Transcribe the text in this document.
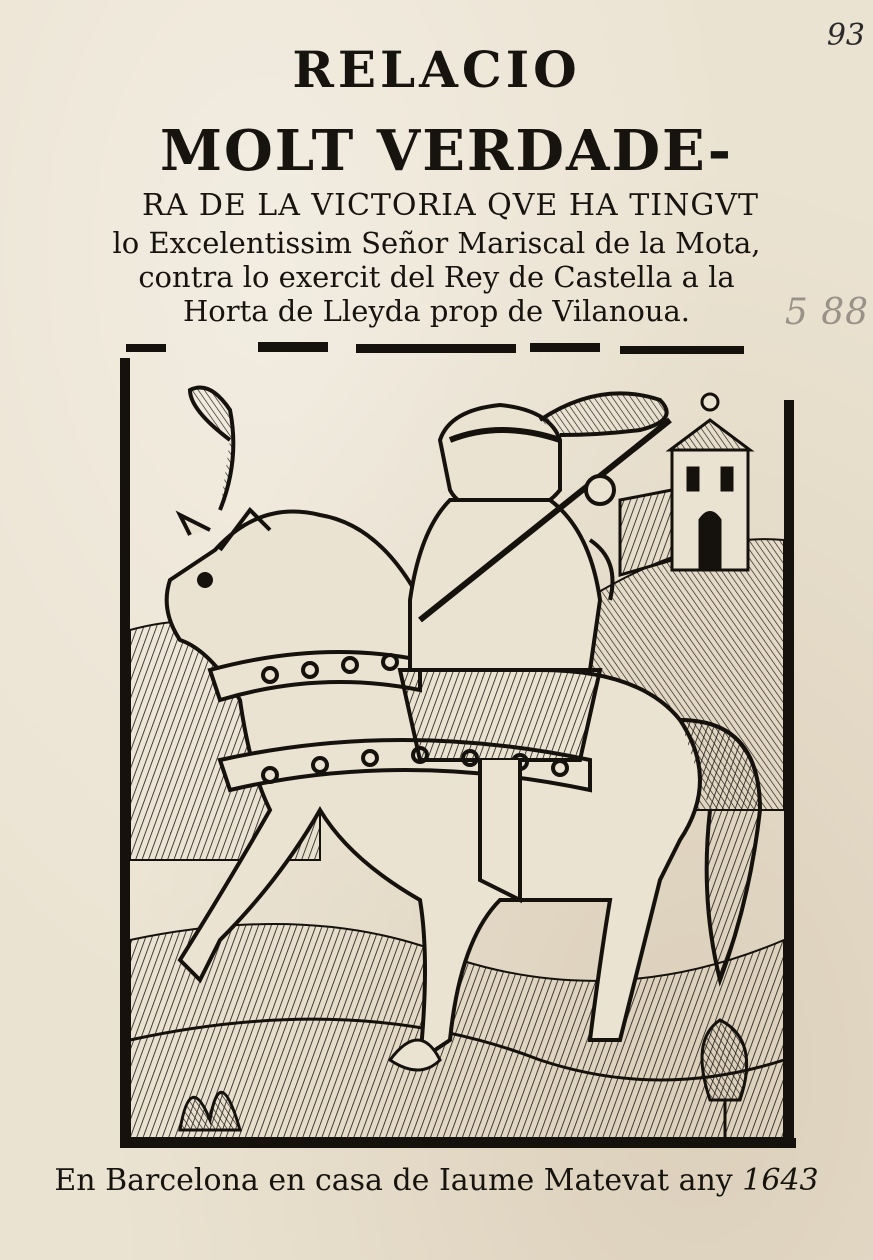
93
5 88
RELACIO
MOLT VERDADE-
RA DE LA VICTORIA QVE HA TINGVT
lo Excelentissim Señor Mariscal de la Mota,
contra lo exercit del Rey de Castella a la
Horta de Lleyda prop de Vilanoua.
En Barcelona en casa de Iaume Matevat any 1643
